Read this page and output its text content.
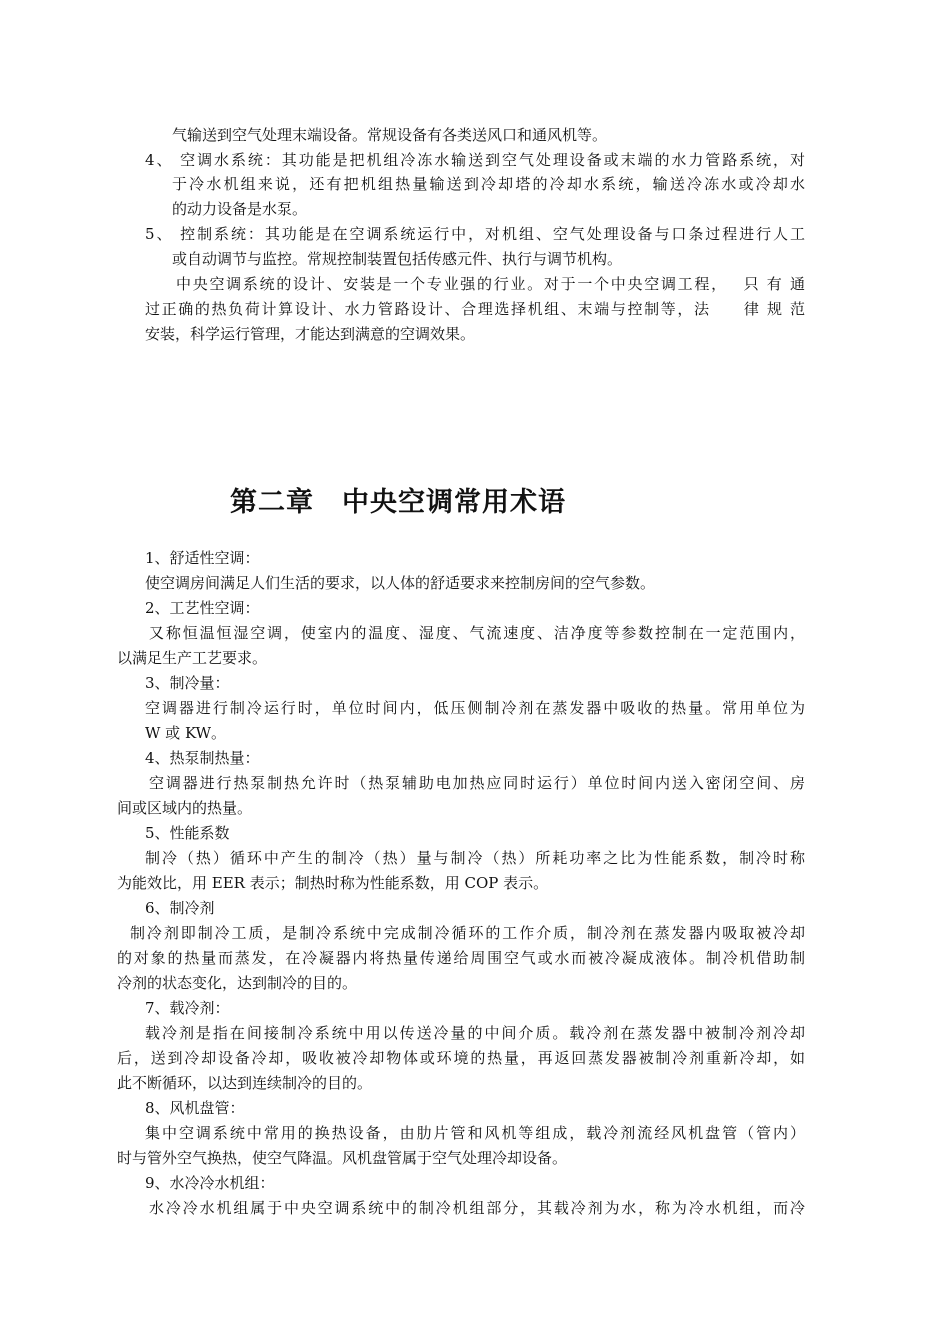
气输送到空气处理末端设备。常规设备有各类送风口和通风机等。
4、 空调水系统：其功能是把机组冷冻水输送到空气处理设备或末端的水力管路系统，对
于冷水机组来说，还有把机组热量输送到冷却塔的冷却水系统，输送冷冻水或冷却水
的动力设备是水泵。
5、 控制系统：其功能是在空调系统运行中，对机组、空气处理设备与口条过程进行人工
或自动调节与监控。常规控制装置包括传感元件、执行与调节机构。
中央空调系统的设计、安装是一个专业强的行业。对于一个中央空调工程，　 只 有 通
过正确的热负荷计算设计、水力管路设计、合理选择机组、末端与控制等，法　　律 规 范
安装，科学运行管理，才能达到满意的空调效果。
第二章　中央空调常用术语
1、舒适性空调：
使空调房间满足人们生活的要求，以人体的舒适要求来控制房间的空气参数。
2、工艺性空调：
又称恒温恒湿空调，使室内的温度、湿度、气流速度、洁净度等参数控制在一定范围内，
以满足生产工艺要求。
3、制冷量：
空调器进行制冷运行时，单位时间内，低压侧制冷剂在蒸发器中吸收的热量。常用单位为
W 或 KW。
4、热泵制热量：
空调器进行热泵制热允许时（热泵辅助电加热应同时运行）单位时间内送入密闭空间、房
间或区域内的热量。
5、性能系数
制冷（热）循环中产生的制冷（热）量与制冷（热）所耗功率之比为性能系数，制冷时称
为能效比，用 EER 表示；制热时称为性能系数，用 COP 表示。
6、制冷剂
制冷剂即制冷工质，是制冷系统中完成制冷循环的工作介质，制冷剂在蒸发器内吸取被冷却
的对象的热量而蒸发，在冷凝器内将热量传递给周围空气或水而被冷凝成液体。制冷机借助制
冷剂的状态变化，达到制冷的目的。
7、载冷剂：
载冷剂是指在间接制冷系统中用以传送冷量的中间介质。载冷剂在蒸发器中被制冷剂冷却
后，送到冷却设备冷却，吸收被冷却物体或环境的热量，再返回蒸发器被制冷剂重新冷却，如
此不断循环，以达到连续制冷的目的。
8、风机盘管：
集中空调系统中常用的换热设备，由肋片管和风机等组成，载冷剂流经风机盘管（管内）
时与管外空气换热，使空气降温。风机盘管属于空气处理冷却设备。
9、水冷冷水机组：
水冷冷水机组属于中央空调系统中的制冷机组部分，其载冷剂为水，称为冷水机组，而冷
